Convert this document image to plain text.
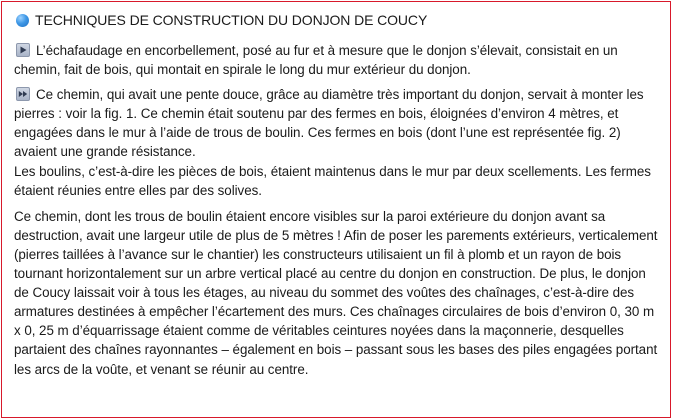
TECHNIQUES DE CONSTRUCTION DU DONJON DE COUCY
L’échafaudage en encorbellement, posé au fur et à mesure que le donjon s’élevait, consistait en un chemin, fait de bois, qui montait en spirale le long du mur extérieur du donjon.
Ce chemin, qui avait une pente douce, grâce au diamètre très important du donjon, servait à monter les pierres : voir la fig. 1. Ce chemin était soutenu par des fermes en bois, éloignées d’environ 4 mètres, et engagées dans le mur à l’aide de trous de boulin. Ces fermes en bois (dont l’une est représentée fig. 2) avaient une grande résistance.
Les boulins, c’est-à-dire les pièces de bois, étaient maintenus dans le mur par deux scellements. Les fermes étaient réunies entre elles par des solives.
Ce chemin, dont les trous de boulin étaient encore visibles sur la paroi extérieure du donjon avant sa destruction, avait une largeur utile de plus de 5 mètres ! Afin de poser les parements extérieurs, verticalement (pierres taillées à l’avance sur le chantier) les constructeurs utilisaient un fil à plomb et un rayon de bois tournant horizontalement sur un arbre vertical placé au centre du donjon en construction. De plus, le donjon de Coucy laissait voir à tous les étages, au niveau du sommet des voûtes des chaînages, c’est-à-dire des armatures destinées à empêcher l’écartement des murs. Ces chaînages circulaires de bois d’environ 0, 30 m x 0, 25 m d’équarrissage étaient comme de véritables ceintures noyées dans la maçonnerie, desquelles partaient des chaînes rayonnantes – également en bois – passant sous les bases des piles engagées portant les arcs de la voûte, et venant se réunir au centre.
